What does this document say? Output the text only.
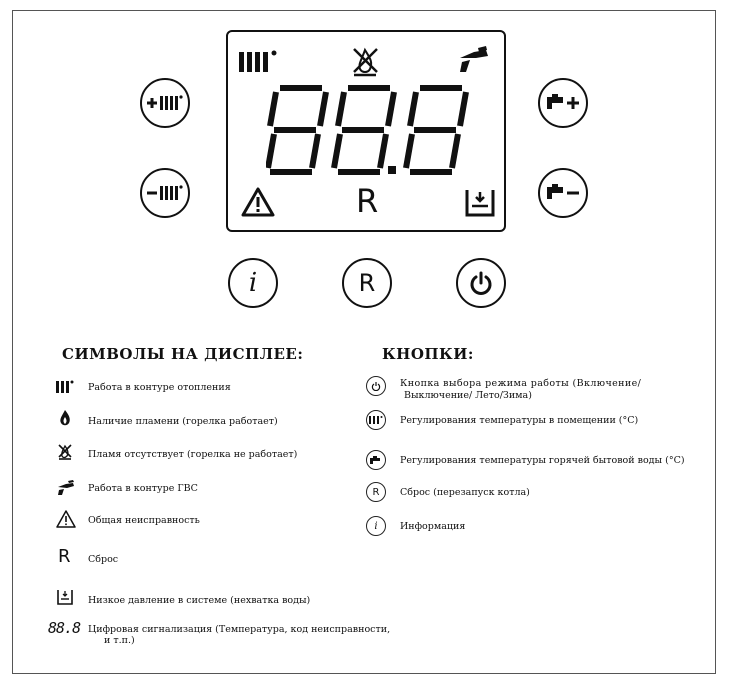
R
i	R
СИМВОЛЫ НА ДИСПЛЕЕ:	КНОПКИ:
Работа в контуре отопления
Наличие пламени (горелка работает)
Пламя отсутствует (горелка не работает)
Работа в контуре ГВС
Общая неисправность
R Сброс
Низкое давление в системе (нехватка воды)
88.8 Цифровая сигнализация (Температура, код неисправности,
и т.п.)
Кнопка выбора режима работы (Включение/
Выключение/ Лето/Зима)
Регулирования температуры в помещении (°С)
Регулирования температуры горячей бытовой воды (°С)
R	Сброс (перезапуск котла)
i	Информация
